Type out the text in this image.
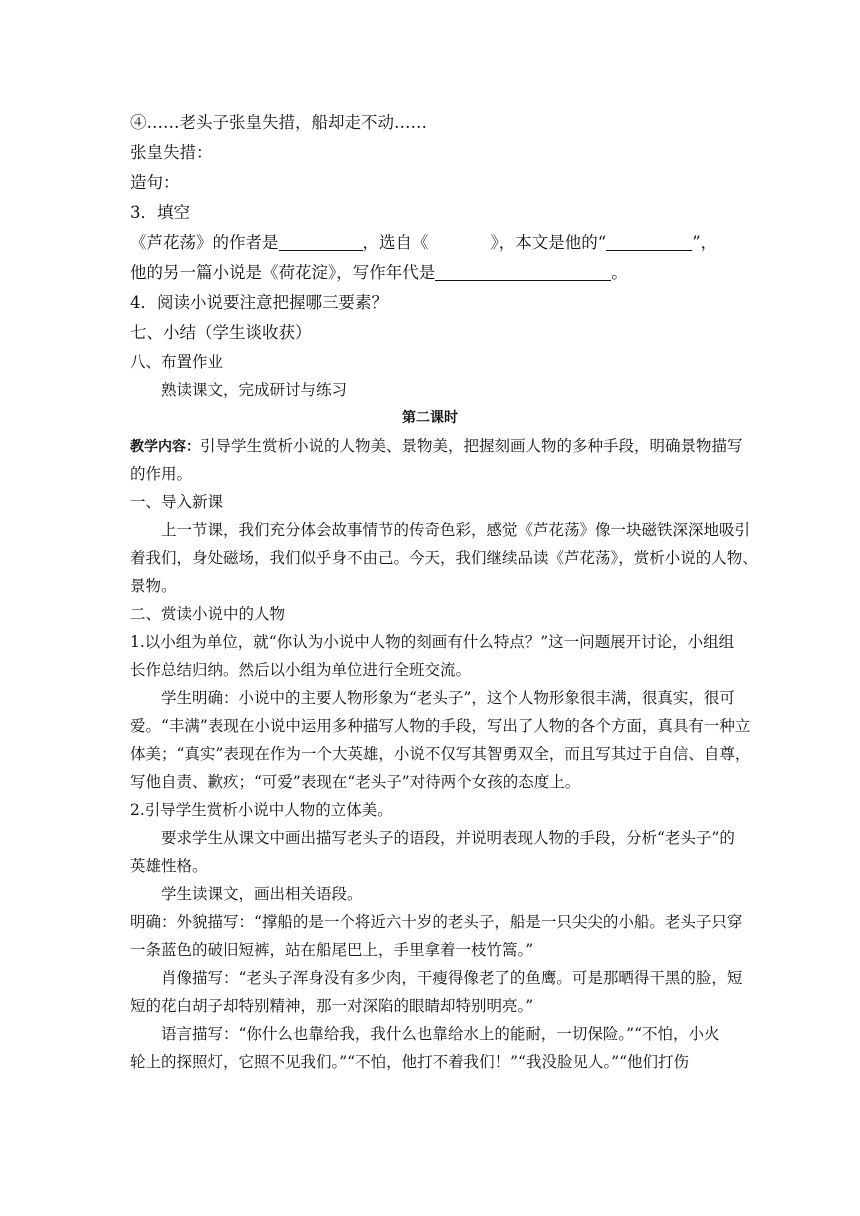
④……老头子张皇失措，船却走不动……
张皇失措：
造句：
3．填空
《芦花荡》的作者是	，选自《	》，本文是他的“	”，
他的另一篇小说是《荷花淀》，写作年代是	。
4．阅读小说要注意把握哪三要素？
七、小结（学生谈收获）
八、布置作业
熟读课文，完成研讨与练习
第二课时
教学内容：引导学生赏析小说的人物美、景物美，把握刻画人物的多种手段，明确景物描写
的作用。
一、导入新课
上一节课，我们充分体会故事情节的传奇色彩，感觉《芦花荡》像一块磁铁深深地吸引
着我们，身处磁场，我们似乎身不由己。今天，我们继续品读《芦花荡》，赏析小说的人物、
景物。
二、赏读小说中的人物
1.以小组为单位，就“你认为小说中人物的刻画有什么特点？”这一问题展开讨论，小组组
长作总结归纳。然后以小组为单位进行全班交流。
学生明确：小说中的主要人物形象为“老头子”，这个人物形象很丰满，很真实，很可
爱。“丰满”表现在小说中运用多种描写人物的手段，写出了人物的各个方面，真具有一种立
体美；“真实”表现在作为一个大英雄，小说不仅写其智勇双全，而且写其过于自信、自尊，
写他自责、歉疚；“可爱”表现在“老头子”对待两个女孩的态度上。
2.引导学生赏析小说中人物的立体美。
要求学生从课文中画出描写老头子的语段，并说明表现人物的手段，分析“老头子”的
英雄性格。
学生读课文，画出相关语段。
明确：外貌描写：“撑船的是一个将近六十岁的老头子，船是一只尖尖的小船。老头子只穿
一条蓝色的破旧短裤，站在船尾巴上，手里拿着一枝竹篙。”
肖像描写：“老头子浑身没有多少肉，干瘦得像老了的鱼鹰。可是那晒得干黑的脸，短
短的花白胡子却特别精神，那一对深陷的眼睛却特别明亮。”
语言描写：“你什么也靠给我，我什么也靠给水上的能耐，一切保险。”“不怕，小火
轮上的探照灯，它照不见我们。”“不怕，他打不着我们！”“我没脸见人。”“他们打伤
